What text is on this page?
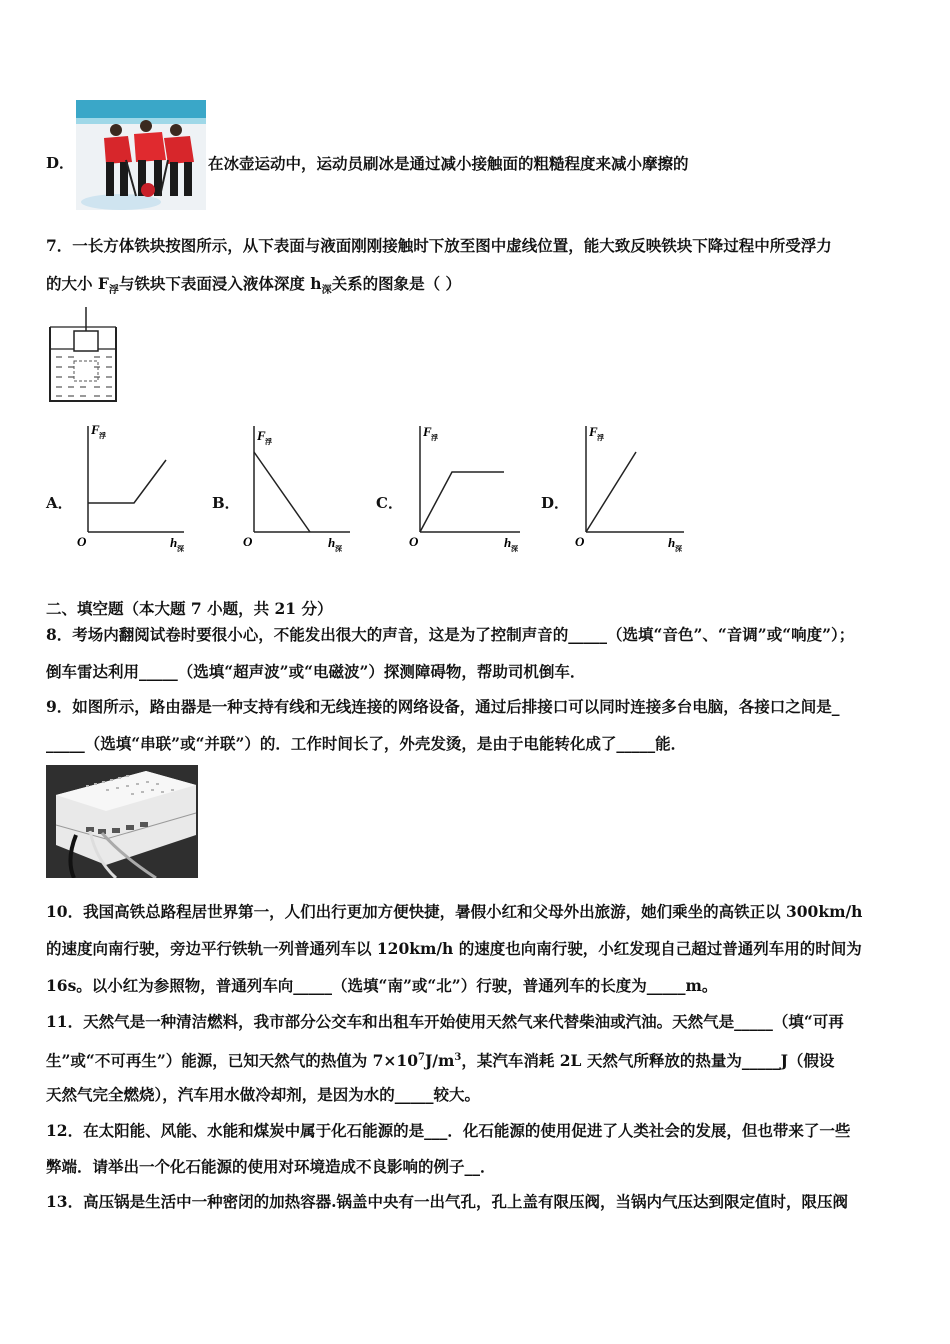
D．	在冰壶运动中，运动员刷冰是通过减小接触面的粗糙程度来减小摩擦的
7．一长方体铁块按图所示，从下表面与液面刚刚接触时下放至图中虚线位置，能大致反映铁块下降过程中所受浮力
的大小 $F_浮$与铁块下表面浸入液体深度 $h_深$关系的图象是（ ）
A．	B．	C．	D．
F 浮
O	h 深
F 浮
O	h 深
F 浮
O	h 深
F 浮
O	h 深
二、填空题（本大题 7 小题，共 21 分）
8．考场内翻阅试卷时要很小心，不能发出很大的声音，这是为了控制声音的_____（选填“音色”、“音调”或“响度”）；
倒车雷达利用_____（选填“超声波”或“电磁波”）探测障碍物，帮助司机倒车．
9．如图所示，路由器是一种支持有线和无线连接的网络设备，通过后排接口可以同时连接多台电脑，各接口之间是_
_____（选填“串联”或“并联”）的．工作时间长了，外壳发烫，是由于电能转化成了_____能．
10．我国高铁总路程居世界第一，人们出行更加方便快捷，暑假小红和父母外出旅游，她们乘坐的高铁正以 300km/h
的速度向南行驶，旁边平行铁轨一列普通列车以 120km/h 的速度也向南行驶，小红发现自己超过普通列车用的时间为
16s。以小红为参照物，普通列车向_____（选填“南”或“北”）行驶，普通列车的长度为_____m。
11．天然气是一种清洁燃料，我市部分公交车和出租车开始使用天然气来代替柴油或汽油。天然气是_____（填“可再
生”或“不可再生”）能源，已知天然气的热值为 $7\times 10^7J/m^3$，某汽车消耗 2L 天然气所释放的热量为_____J（假设
天然气完全燃烧），汽车用水做冷却剂，是因为水的_____较大。
12．在太阳能、风能、水能和煤炭中属于化石能源的是___．化石能源的使用促进了人类社会的发展，但也带来了一些
弊端．请举出一个化石能源的使用对环境造成不良影响的例子__．
13．高压锅是生活中一种密闭的加热容器.锅盖中央有一出气孔，孔上盖有限压阀，当锅内气压达到限定值时，限压阀
